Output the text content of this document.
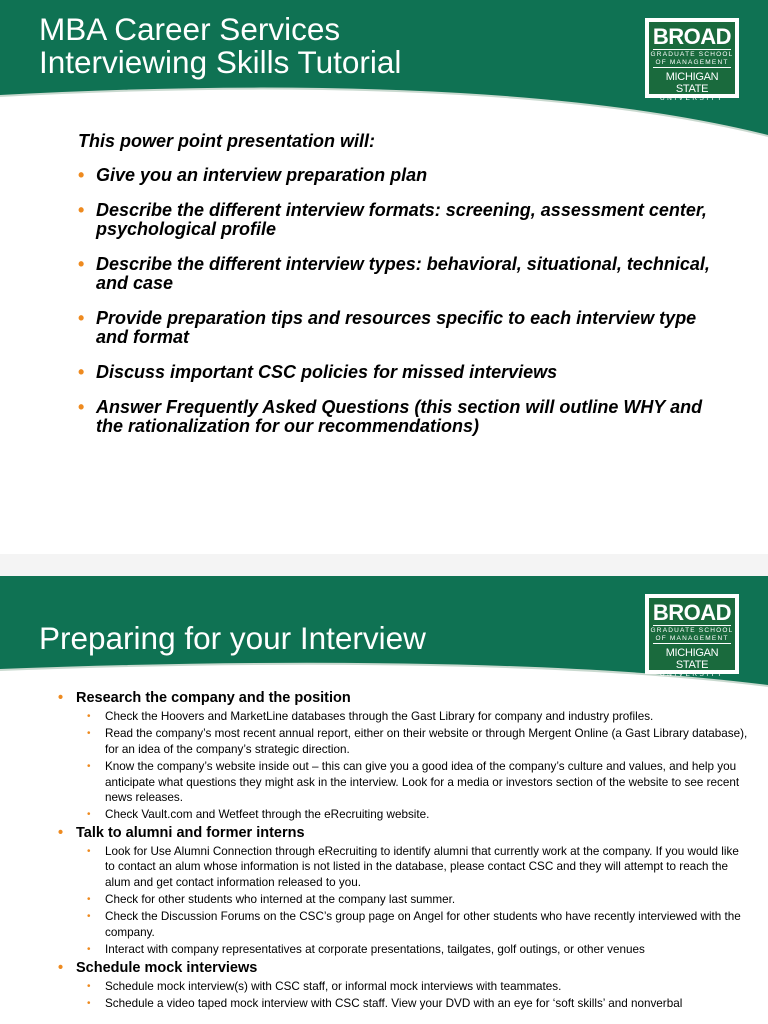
MBA Career Services
Interviewing Skills Tutorial
BROAD
GRADUATE SCHOOL
OF MANAGEMENT
MICHIGAN STATE
UNIVERSITY
This power point presentation will:
• Give you an interview preparation plan
• Describe the different interview formats: screening, assessment center, psychological profile
• Describe the different interview types: behavioral, situational, technical, and case
• Provide preparation tips and resources specific to each interview type and format
• Discuss important CSC policies for missed interviews
• Answer Frequently Asked Questions (this section will outline WHY and the rationalization for our recommendations)
Preparing for your Interview
BROAD
GRADUATE SCHOOL
OF MANAGEMENT
MICHIGAN STATE
UNIVERSITY
• Research the company and the position
• Check the Hoovers and MarketLine databases through the Gast Library for company and industry profiles.
• Read the company’s most recent annual report, either on their website or through Mergent Online (a Gast Library database), for an idea of the company’s strategic direction.
• Know the company’s website inside out – this can give you a good idea of the company’s culture and values, and help you anticipate what questions they might ask in the interview. Look for a media or investors section of the website to see recent news releases.
• Check Vault.com and Wetfeet through the eRecruiting website.
• Talk to alumni and former interns
• Look for Use Alumni Connection through eRecruiting to identify alumni that currently work at the company. If you would like to contact an alum whose information is not listed in the database, please contact CSC and they will attempt to reach the alum and get contact information released to you.
• Check for other students who interned at the company last summer.
• Check the Discussion Forums on the CSC’s group page on Angel for other students who have recently interviewed with the company.
• Interact with company representatives at corporate presentations, tailgates, golf outings, or other venues
• Schedule mock interviews
• Schedule mock interview(s) with CSC staff, or informal mock interviews with teammates.
• Schedule a video taped mock interview with CSC staff. View your DVD with an eye for ‘soft skills’ and nonverbal
